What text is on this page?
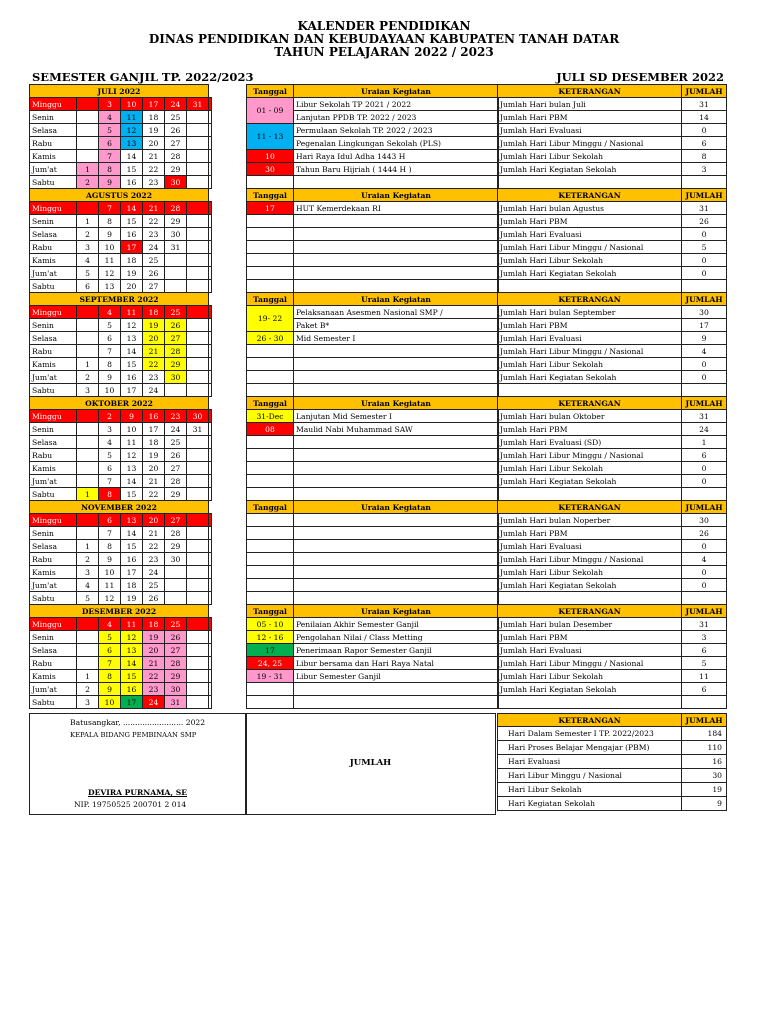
KALENDER PENDIDIKAN
DINAS PENDIDIKAN DAN KEBUDAYAAN KABUPATEN TANAH DATAR
TAHUN PELAJARAN 2022 / 2023
SEMESTER GANJIL TP. 2022/2023	JULI SD DESEMBER 2022
JULI 2022							
Minggu		3	10	17	24	31	
Senin		4	11	18	25		
Selasa		5	12	19	26		
Rabu		6	13	20	27		
Kamis		7	14	21	28		
Jum'at	1	8	15	22	29		
Sabtu	2	9	16	23	30		
AGUSTUS 2022							
Minggu		7	14	21	28		
Senin	1	8	15	22	29		
Selasa	2	9	16	23	30		
Rabu	3	10	17	24	31		
Kamis	4	11	18	25			
Jum'at	5	12	19	26			
Sabtu	6	13	20	27			
SEPTEMBER 2022							
Minggu		4	11	18	25		
Senin		5	12	19	26		
Selasa		6	13	20	27		
Rabu		7	14	21	28		
Kamis	1	8	15	22	29		
Jum'at	2	9	16	23	30		
Sabtu	3	10	17	24			
OKTOBER 2022							
Minggu		2	9	16	23	30	
Senin		3	10	17	24	31	
Selasa		4	11	18	25		
Rabu		5	12	19	26		
Kamis		6	13	20	27		
Jum'at		7	14	21	28		
Sabtu	1	8	15	22	29		
NOVEMBER 2022							
Minggu		6	13	20	27		
Senin		7	14	21	28		
Selasa	1	8	15	22	29		
Rabu	2	9	16	23	30		
Kamis	3	10	17	24			
Jum'at	4	11	18	25			
Sabtu	5	12	19	26			
DESEMBER 2022							
Minggu		4	11	18	25		
Senin		5	12	19	26		
Selasa		6	13	20	27		
Rabu		7	14	21	28		
Kamis	1	8	15	22	29		
Jum'at	2	9	16	23	30		
Sabtu	3	10	17	24	31		
Tanggal	Uraian Kegiatan
01 - 09	Libur Sekolah TP 2021 / 2022
	Lanjutan PPDB TP. 2022 / 2023
11 - 13	Permulaan Sekolah TP. 2022 / 2023
	Pegenalan Lingkungan Sekolah (PLS)
10	Hari Raya Idul Adha 1443 H
30	Tahun Baru Hijriah ( 1444 H )

Tanggal	Uraian Kegiatan
17	HUT Kemerdekaan RI

Tanggal	Uraian Kegiatan
19- 22	Pelaksanaan Asesmen Nasional SMP /
	Paket B*
26 - 30	Mid Semester I

Tanggal	Uraian Kegiatan
31-Dec	Lanjutan Mid Semester I
08	Maulid Nabi Muhammad SAW

Tanggal	Uraian Kegiatan

Tanggal	Uraian Kegiatan
05 - 10	Penilaian Akhir Semester Ganjil
12 - 16	Pengolahan Nilai / Class Metting
17	Penerimaan Rapor Semester Ganjil
24, 25	Libur bersama dan Hari Raya Natal
19 - 31	Libur Semester Ganjil

KETERANGAN	JUMLAH
Jumlah Hari bulan Juli	31
Jumlah Hari PBM	14
Jumlah Hari Evaluasi	0
Jumlah Hari Libur Minggu / Nasional	6
Jumlah Hari Libur Sekolah	8
Jumlah Hari Kegiatan Sekolah	3

KETERANGAN	JUMLAH
Jumlah Hari bulan Agustus	31
Jumlah Hari PBM	26
Jumlah Hari Evaluasi	0
Jumlah Hari Libur Minggu / Nasional	5
Jumlah Hari Libur Sekolah	0
Jumlah Hari Kegiatan Sekolah	0

KETERANGAN	JUMLAH
Jumlah Hari bulan September	30
Jumlah Hari PBM	17
Jumlah Hari Evaluasi	9
Jumlah Hari Libur Minggu / Nasional	4
Jumlah Hari Libur Sekolah	0
Jumlah Hari Kegiatan Sekolah	0

KETERANGAN	JUMLAH
Jumlah Hari bulan Oktober	31
Jumlah Hari PBM	24
Jumlah Hari Evaluasi (SD)	1
Jumlah Hari Libur Minggu / Nasional	6
Jumlah Hari Libur Sekolah	0
Jumlah Hari Kegiatan Sekolah	0

KETERANGAN	JUMLAH
Jumlah Hari bulan Noperber	30
Jumlah Hari PBM	26
Jumlah Hari Evaluasi	0
Jumlah Hari Libur Minggu / Nasional	4
Jumlah Hari Libur Sekolah	0
Jumlah Hari Kegiatan Sekolah	0

KETERANGAN	JUMLAH
Jumlah Hari bulan Desember	31
Jumlah Hari PBM	3
Jumlah Hari Evaluasi	6
Jumlah Hari Libur Minggu / Nasional	5
Jumlah Hari Libur Sekolah	11
Jumlah Hari Kegiatan Sekolah	6

Batusangkar, ......................... 2022
KEPALA BIDANG PEMBINAAN SMP
DEVIRA PURNAMA, SE
NIP. 19750525 200701 2 014
JUMLAH
KETERANGAN	JUMLAH
Hari Dalam Semester I TP. 2022/2023	184
Hari Proses Belajar Mengajar (PBM)	110
Hari Evaluasi	16
Hari Libur Minggu / Nasional	30
Hari Libur Sekolah	19
Hari Kegiatan Sekolah	9
